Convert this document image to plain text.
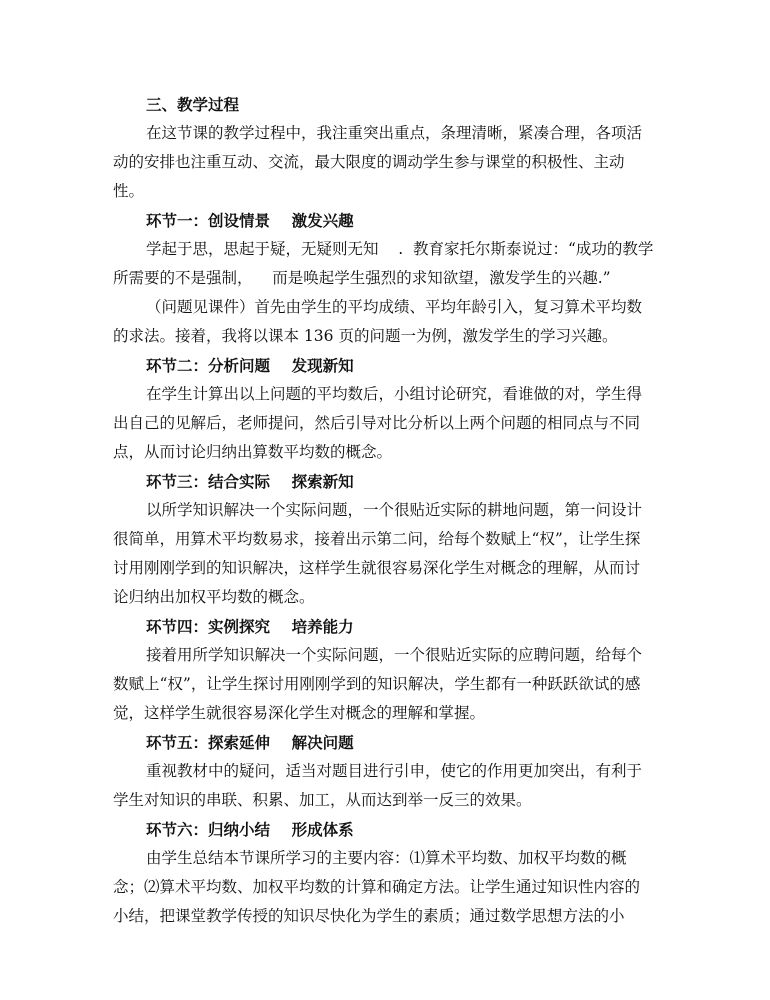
三、教学过程
在这节课的教学过程中，我注重突出重点，条理清晰，紧凑合理，各项活
动的安排也注重互动、交流，最大限度的调动学生参与课堂的积极性、主动
性。
环节一：创设情景    激发兴趣
学起于思，思起于疑，无疑则无知    .  教育家托尔斯泰说过：“成功的教学
所需要的不是强制，    而是唤起学生强烈的求知欲望，激发学生的兴趣.”
（问题见课件）首先由学生的平均成绩、平均年龄引入，复习算术平均数
的求法。接着，我将以课本 136 页的问题一为例，激发学生的学习兴趣。
环节二：分析问题    发现新知
在学生计算出以上问题的平均数后，小组讨论研究，看谁做的对，学生得
出自己的见解后，老师提问，然后引导对比分析以上两个问题的相同点与不同
点，从而讨论归纳出算数平均数的概念。
环节三：结合实际    探索新知
以所学知识解决一个实际问题，一个很贴近实际的耕地问题，第一问设计
很简单，用算术平均数易求，接着出示第二问，给每个数赋上“权”，让学生探
讨用刚刚学到的知识解决，这样学生就很容易深化学生对概念的理解，从而讨
论归纳出加权平均数的概念。
环节四：实例探究    培养能力
接着用所学知识解决一个实际问题，一个很贴近实际的应聘问题，给每个
数赋上“权”，让学生探讨用刚刚学到的知识解决，学生都有一种跃跃欲试的感
觉，这样学生就很容易深化学生对概念的理解和掌握。
环节五：探索延伸    解决问题
重视教材中的疑问，适当对题目进行引申，使它的作用更加突出，有利于
学生对知识的串联、积累、加工，从而达到举一反三的效果。
环节六：归纳小结    形成体系
由学生总结本节课所学习的主要内容：⑴算术平均数、加权平均数的概
念；⑵算术平均数、加权平均数的计算和确定方法。让学生通过知识性内容的
小结，把课堂教学传授的知识尽快化为学生的素质；通过数学思想方法的小
